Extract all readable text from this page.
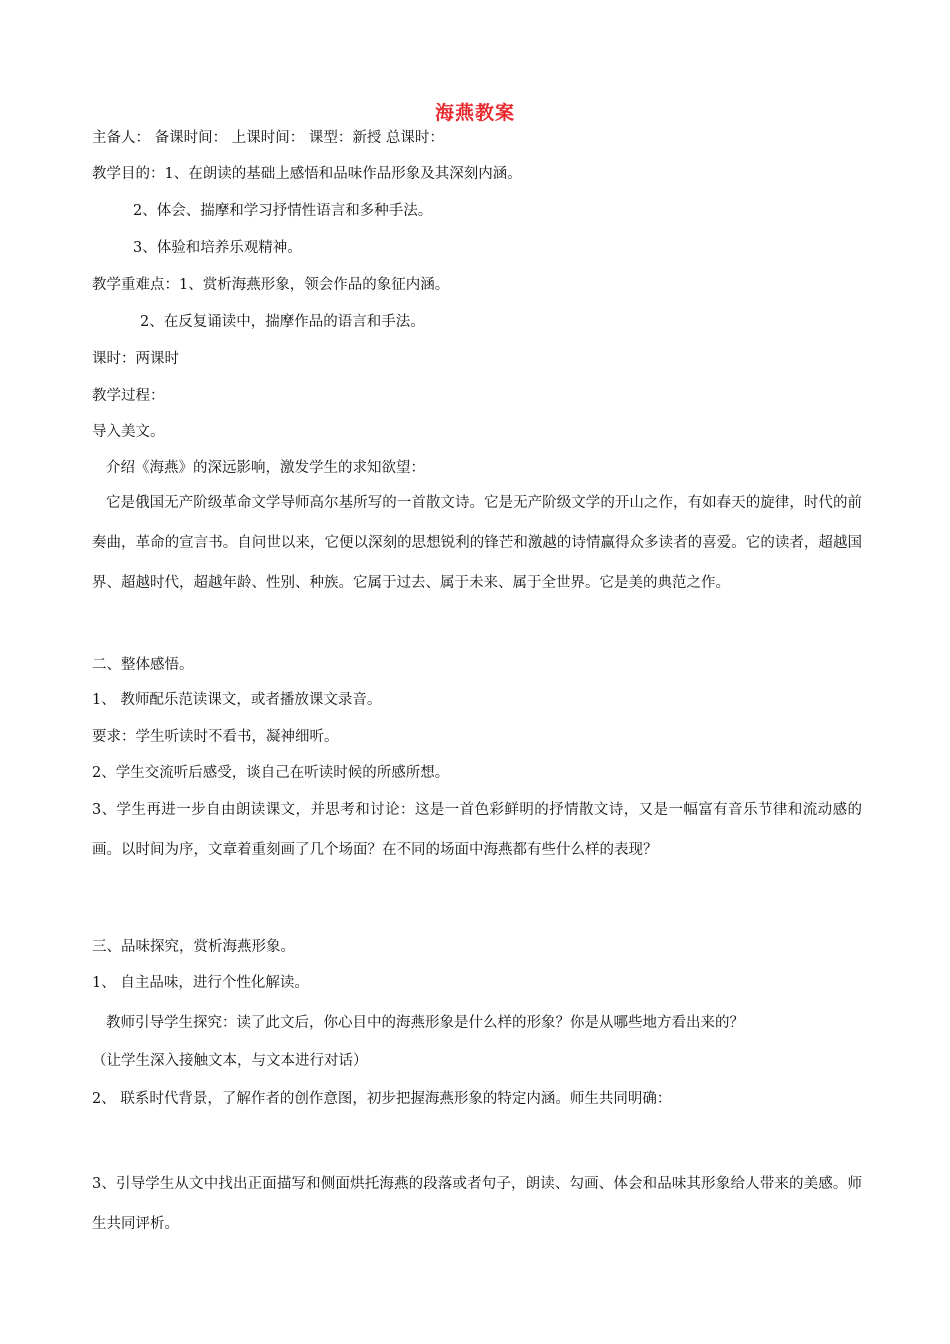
海燕教案
主备人： 备课时间： 上课时间： 课型：新授 总课时：
教学目的：1、在朗读的基础上感悟和品味作品形象及其深刻内涵。
2、体会、揣摩和学习抒情性语言和多种手法。
3、体验和培养乐观精神。
教学重难点：1、赏析海燕形象，领会作品的象征内涵。
2、在反复诵读中，揣摩作品的语言和手法。
课时：两课时
教学过程：
导入美文。
介绍《海燕》的深远影响，激发学生的求知欲望：
它是俄国无产阶级革命文学导师高尔基所写的一首散文诗。它是无产阶级文学的开山之作，有如春天的旋律，时代的前奏曲，革命的宣言书。自问世以来，它便以深刻的思想锐利的锋芒和激越的诗情赢得众多读者的喜爱。它的读者，超越国界、超越时代，超越年龄、性别、种族。它属于过去、属于未来、属于全世界。它是美的典范之作。
二、整体感悟。
1、 教师配乐范读课文，或者播放课文录音。
要求：学生听读时不看书，凝神细听。
2、学生交流听后感受，谈自己在听读时候的所感所想。
3、学生再进一步自由朗读课文，并思考和讨论：这是一首色彩鲜明的抒情散文诗，又是一幅富有音乐节律和流动感的画。以时间为序，文章着重刻画了几个场面？在不同的场面中海燕都有些什么样的表现？
三、品味探究，赏析海燕形象。
1、 自主品味，进行个性化解读。
教师引导学生探究：读了此文后，你心目中的海燕形象是什么样的形象？你是从哪些地方看出来的？
（让学生深入接触文本，与文本进行对话）
2、 联系时代背景，了解作者的创作意图，初步把握海燕形象的特定内涵。师生共同明确：
3、引导学生从文中找出正面描写和侧面烘托海燕的段落或者句子，朗读、勾画、体会和品味其形象给人带来的美感。师生共同评析。
